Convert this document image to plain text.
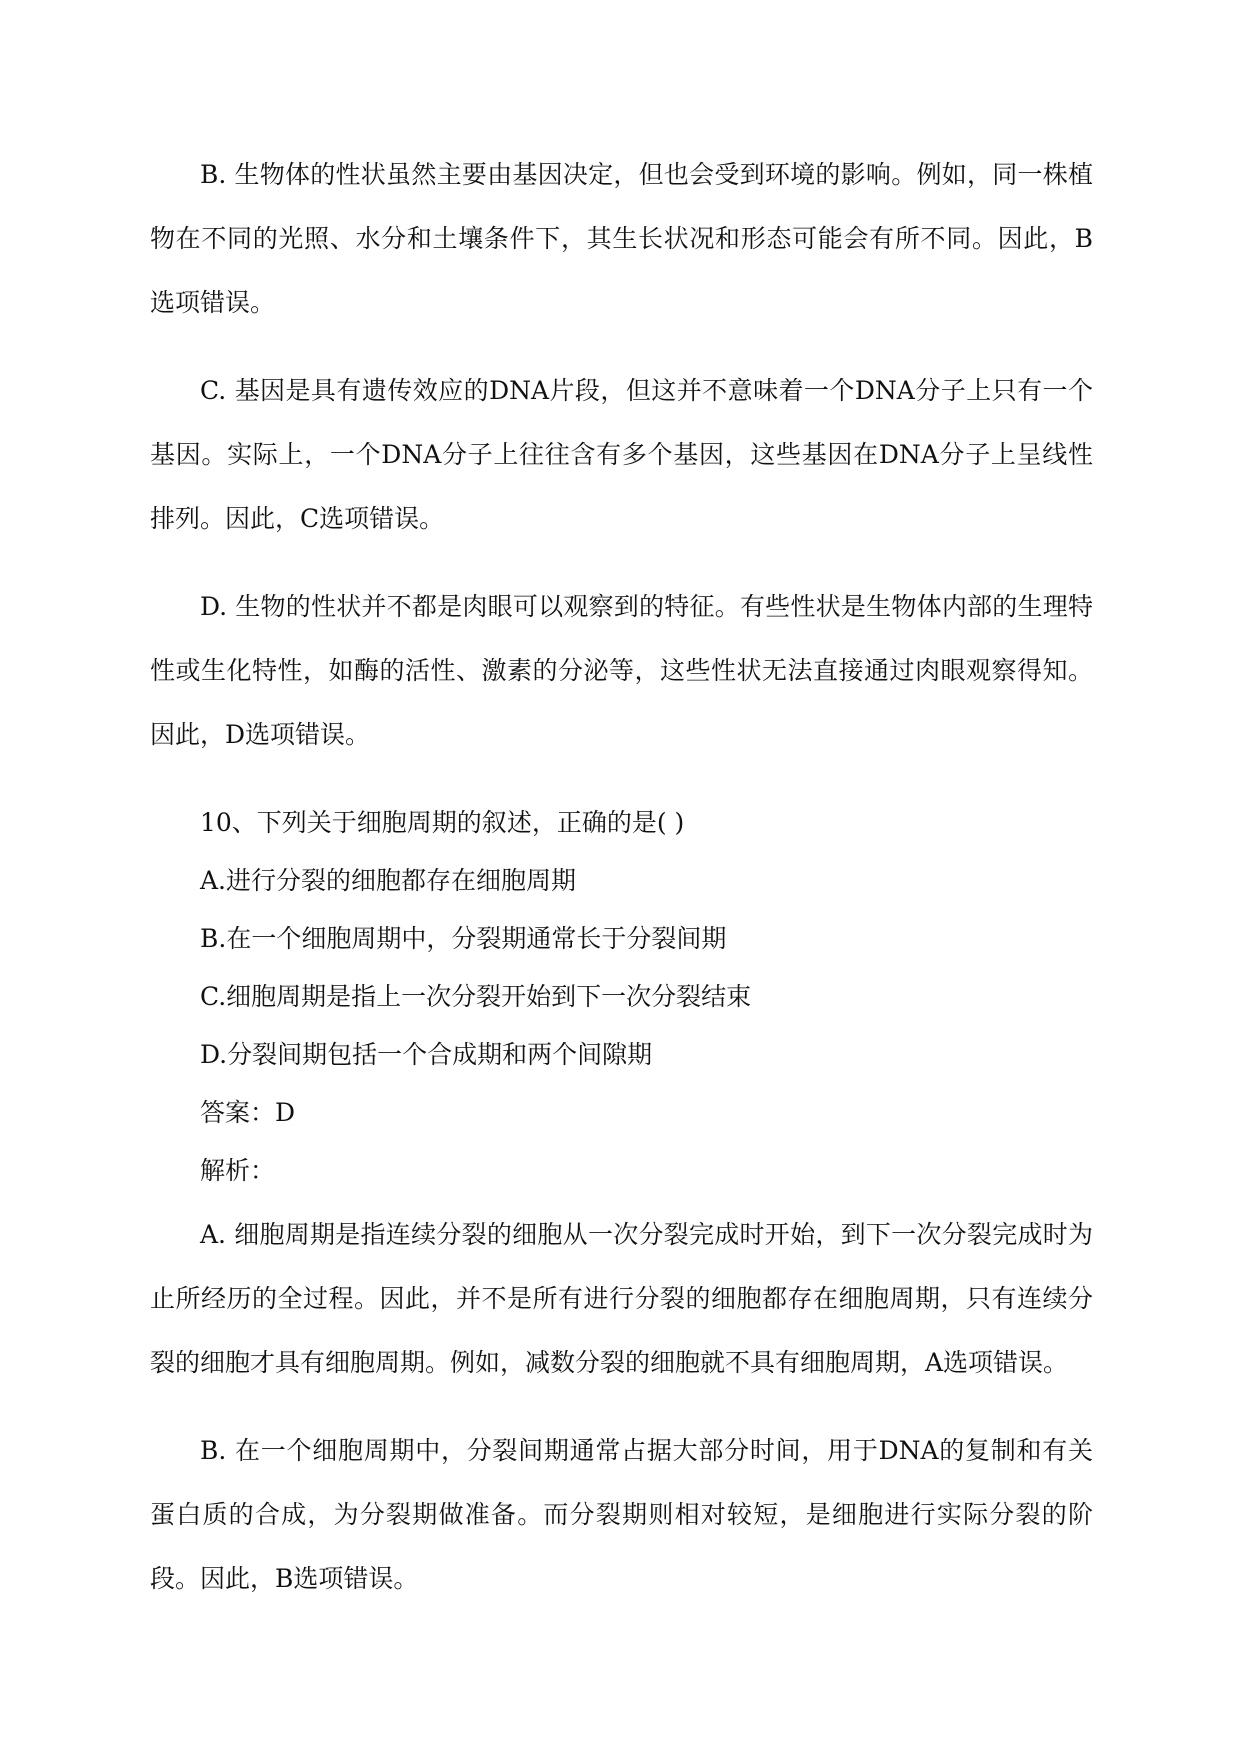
B. 生物体的性状虽然主要由基因决定，但也会受到环境的影响。例如，同一株植物在不同的光照、水分和土壤条件下，其生长状况和形态可能会有所不同。因此，B选项错误。

C. 基因是具有遗传效应的DNA片段，但这并不意味着一个DNA分子上只有一个基因。实际上，一个DNA分子上往往含有多个基因，这些基因在DNA分子上呈线性排列。因此，C选项错误。

D. 生物的性状并不都是肉眼可以观察到的特征。有些性状是生物体内部的生理特性或生化特性，如酶的活性、激素的分泌等，这些性状无法直接通过肉眼观察得知。因此，D选项错误。

10、下列关于细胞周期的叙述，正确的是( )

A.进行分裂的细胞都存在细胞周期

B.在一个细胞周期中，分裂期通常长于分裂间期

C.细胞周期是指上一次分裂开始到下一次分裂结束

D.分裂间期包括一个合成期和两个间隙期

答案：D

解析：

A. 细胞周期是指连续分裂的细胞从一次分裂完成时开始，到下一次分裂完成时为止所经历的全过程。因此，并不是所有进行分裂的细胞都存在细胞周期，只有连续分裂的细胞才具有细胞周期。例如，减数分裂的细胞就不具有细胞周期，A选项错误。

B. 在一个细胞周期中，分裂间期通常占据大部分时间，用于DNA的复制和有关蛋白质的合成，为分裂期做准备。而分裂期则相对较短，是细胞进行实际分裂的阶段。因此，B选项错误。
